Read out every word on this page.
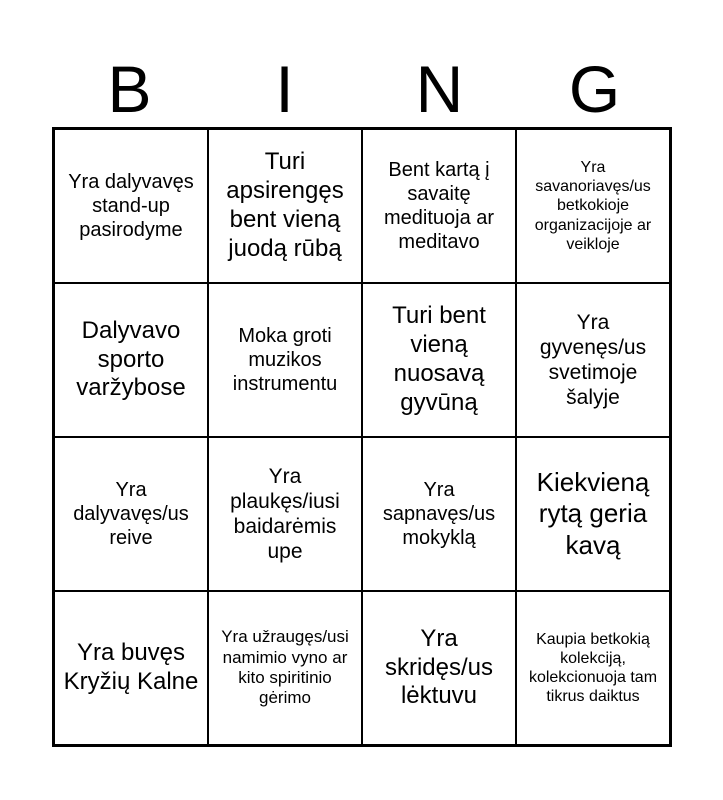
B	I	N	G
Yra dalyvavęs stand-up pasirodyme
Turi apsirengęs bent vieną juodą rūbą
Bent kartą į savaitę medituoja ar meditavo
Yra savanoriavęs/us betkokioje organizacijoje ar veikloje
Dalyvavo sporto varžybose
Moka groti muzikos instrumentu
Turi bent vieną nuosavą gyvūną
Yra gyvenęs/us svetimoje šalyje
Yra dalyvavęs/us reive
Yra plaukęs/iusi baidarėmis upe
Yra sapnavęs/us mokyklą
Kiekvieną rytą geria kavą
Yra buvęs Kryžių Kalne
Yra užraugęs/usi namimio vyno ar kito spiritinio gėrimo
Yra skridęs/us lėktuvu
Kaupia betkokią kolekciją, kolekcionuoja tam tikrus daiktus
